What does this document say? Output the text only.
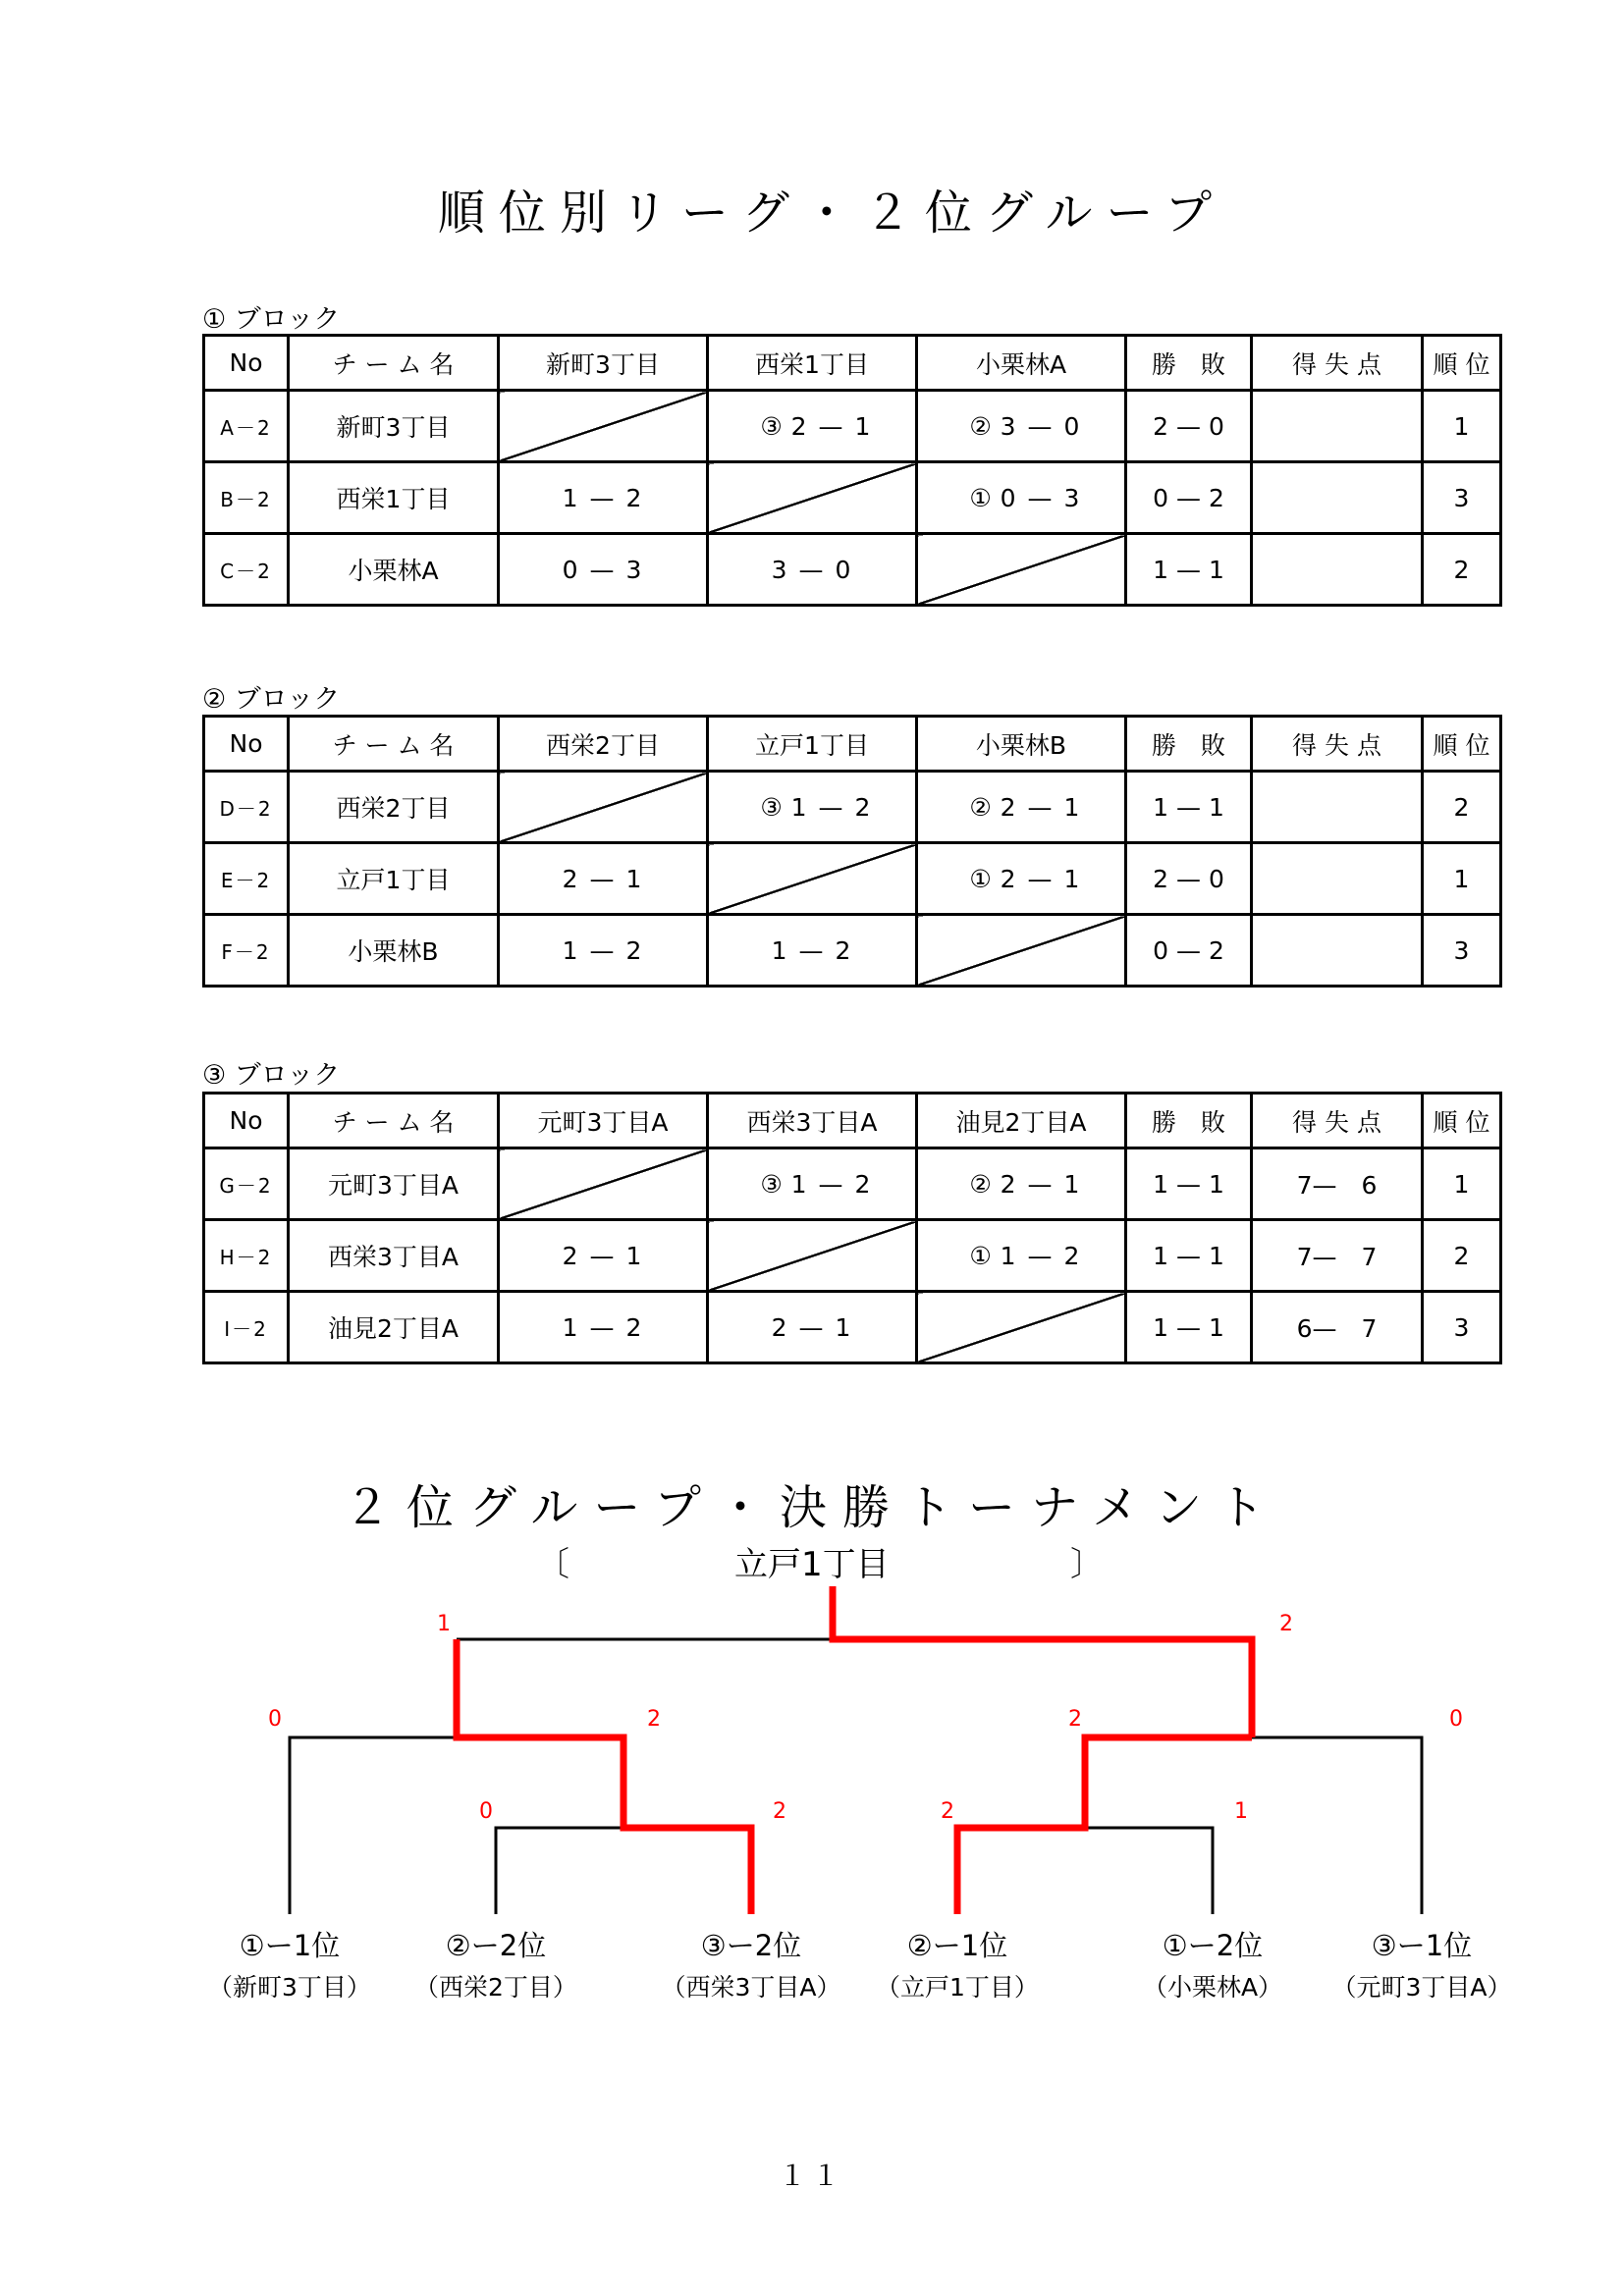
順位別リーグ・２位グループ
① ブロック
No	チ ー ム 名	新町3丁目	西栄1丁目	小栗林A	勝　敗	得 失 点	順 位
A－2	新町3丁目		③ 2 — 1	② 3 — 0	2 — 0		1
B－2	西栄1丁目	1 — 2		① 0 — 3	0 — 2		3
C－2	小栗林A	0 — 3	3 — 0		1 — 1		2
② ブロック
No	チ ー ム 名	西栄2丁目	立戸1丁目	小栗林B	勝　敗	得 失 点	順 位
D－2	西栄2丁目		③ 1 — 2	② 2 — 1	1 — 1		2
E－2	立戸1丁目	2 — 1		① 2 — 1	2 — 0		1
F－2	小栗林B	1 — 2	1 — 2		0 — 2		3
③ ブロック
No	チ ー ム 名	元町3丁目A	西栄3丁目A	油見2丁目A	勝　敗	得 失 点	順 位
G－2	元町3丁目A		③ 1 — 2	② 2 — 1	1 — 1	7—　6	1
H－2	西栄3丁目A	2 — 1		① 1 — 2	1 — 1	7—　7	2
I－2	油見2丁目A	1 — 2	2 — 1		1 — 1	6—　7	3
２位グループ・決勝トーナメント
〔	立戸1丁目	〕
1	2
0	2	2	0
0	2	2	1
①ー1位
（新町3丁目）
②ー2位
（西栄2丁目）
③ー2位
（西栄3丁目A）
②ー1位
（立戸1丁目）
①ー2位
（小栗林A）
③ー1位
（元町3丁目A）
１１
